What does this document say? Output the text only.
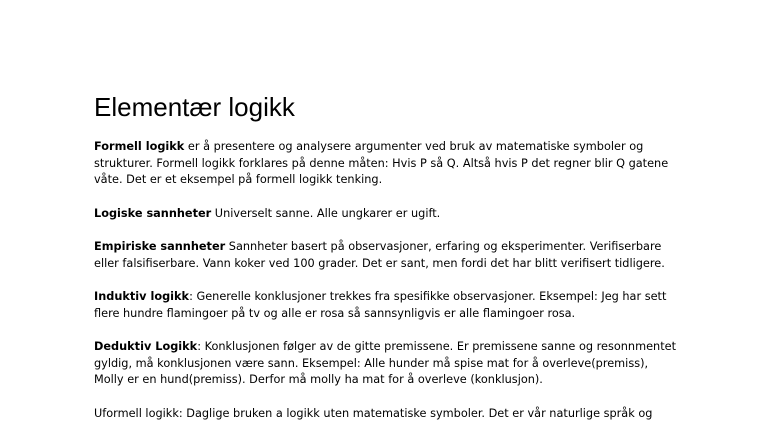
Elementær logikk

Formell logikk er å presentere og analysere argumenter ved bruk av matematiske symboler og
strukturer. Formell logikk forklares på denne måten: Hvis P så Q. Altså hvis P det regner blir Q gatene
våte. Det er et eksempel på formell logikk tenking.

Logiske sannheter Universelt sanne. Alle ungkarer er ugift.

Empiriske sannheter Sannheter basert på observasjoner, erfaring og eksperimenter. Verifiserbare
eller falsifiserbare. Vann koker ved 100 grader. Det er sant, men fordi det har blitt verifisert tidligere.

Induktiv logikk: Generelle konklusjoner trekkes fra spesifikke observasjoner. Eksempel: Jeg har sett
flere hundre flamingoer på tv og alle er rosa så sannsynligvis er alle flamingoer rosa.

Deduktiv Logikk: Konklusjonen følger av de gitte premissene. Er premissene sanne og resonnmentet
gyldig, må konklusjonen være sann. Eksempel: Alle hunder må spise mat for å overleve(premiss),
Molly er en hund(premiss). Derfor må molly ha mat for å overleve (konklusjon).

Uformell logikk: Daglige bruken a logikk uten matematiske symboler. Det er vår naturlige språk og
